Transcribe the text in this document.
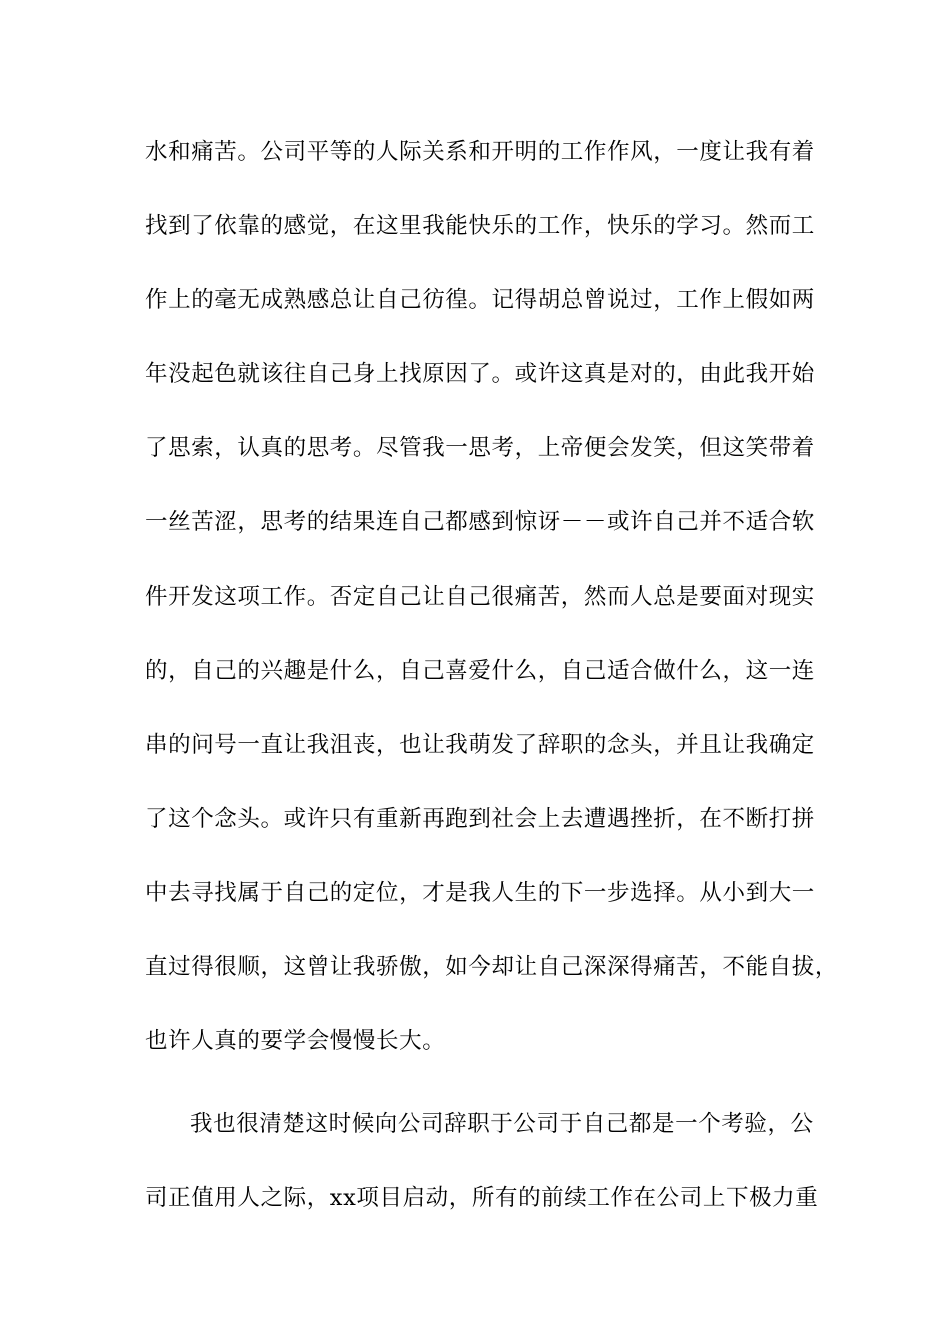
水和痛苦。公司平等的人际关系和开明的工作作风，一度让我有着
找到了依靠的感觉，在这里我能快乐的工作，快乐的学习。然而工
作上的毫无成熟感总让自己彷徨。记得胡总曾说过，工作上假如两
年没起色就该往自己身上找原因了。或许这真是对的，由此我开始
了思索，认真的思考。尽管我一思考，上帝便会发笑，但这笑带着
一丝苦涩，思考的结果连自己都感到惊讶－－或许自己并不适合软
件开发这项工作。否定自己让自己很痛苦，然而人总是要面对现实
的，自己的兴趣是什么，自己喜爱什么，自己适合做什么，这一连
串的问号一直让我沮丧，也让我萌发了辞职的念头，并且让我确定
了这个念头。或许只有重新再跑到社会上去遭遇挫折，在不断打拼
中去寻找属于自己的定位，才是我人生的下一步选择。从小到大一
直过得很顺，这曾让我骄傲，如今却让自己深深得痛苦，不能自拔，
也许人真的要学会慢慢长大。
我也很清楚这时候向公司辞职于公司于自己都是一个考验，公
司正值用人之际，xx项目启动，所有的前续工作在公司上下极力重
